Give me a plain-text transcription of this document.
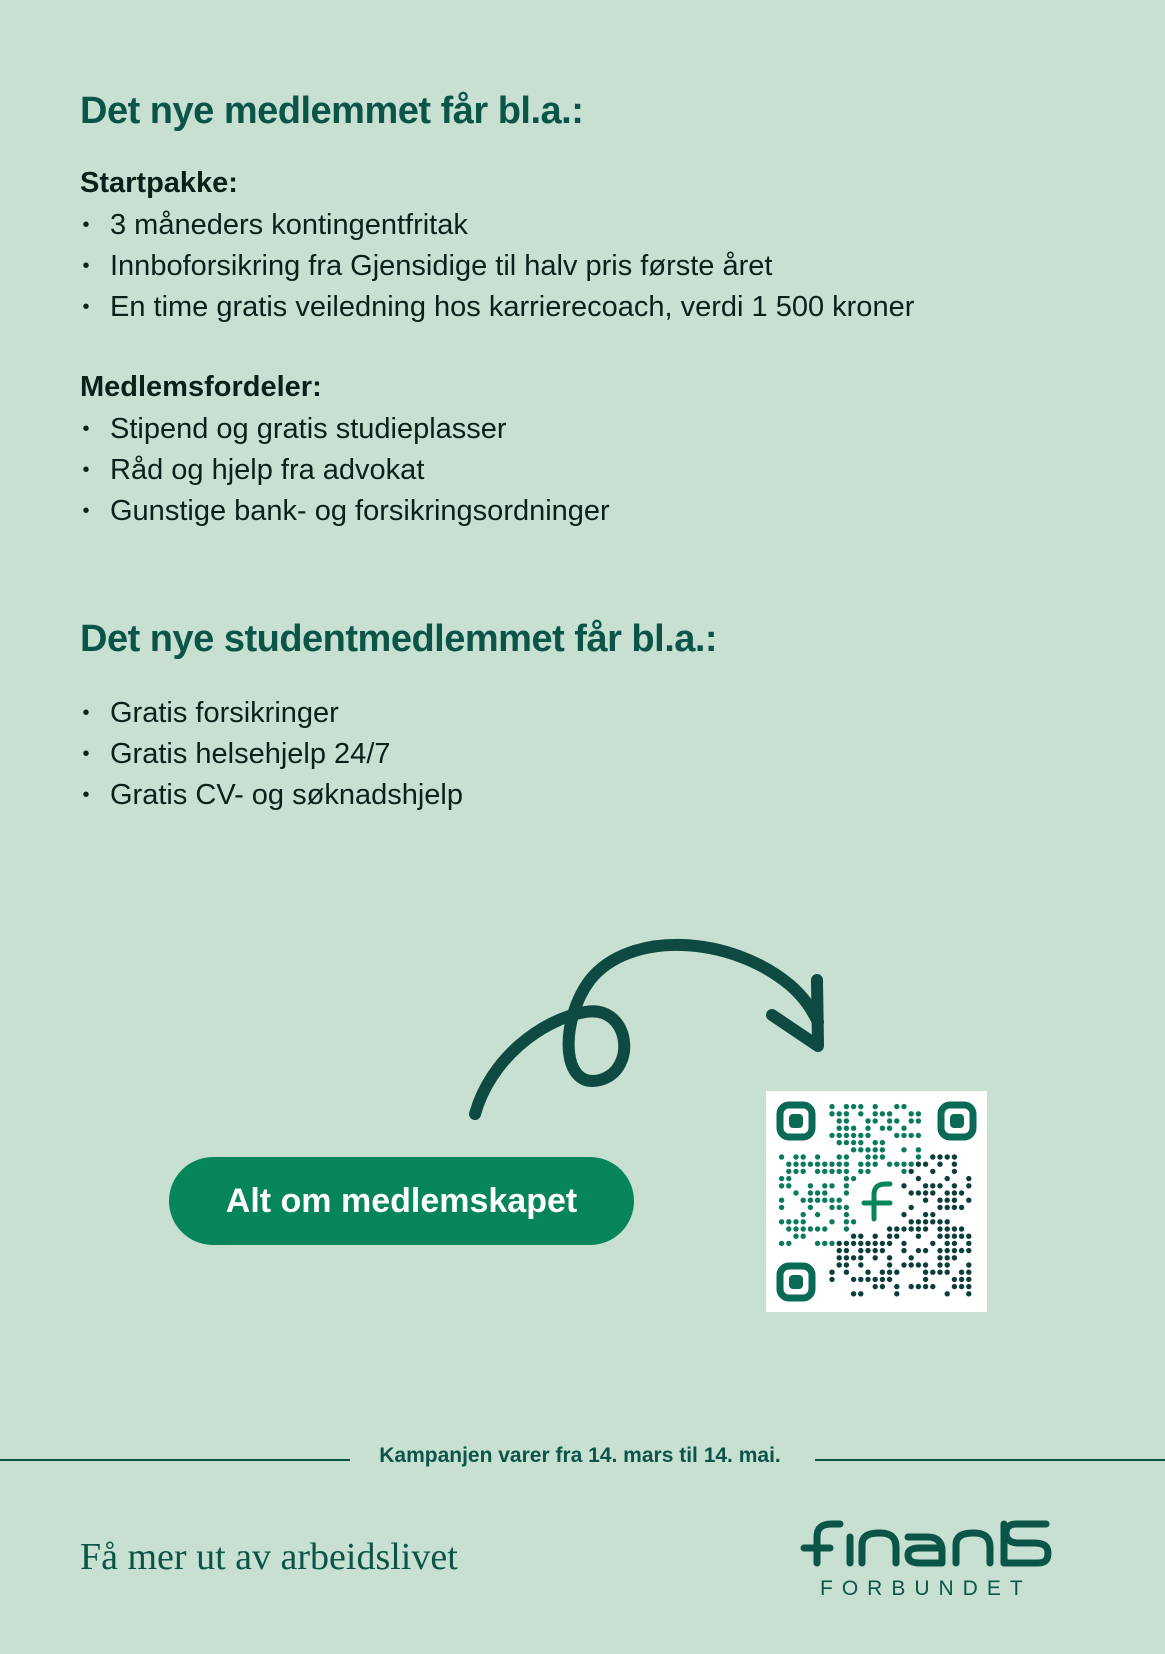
Det nye medlemmet får bl.a.:
Startpakke:
• 3 måneders kontingentfritak
• Innboforsikring fra Gjensidige til halv pris første året
• En time gratis veiledning hos karrierecoach, verdi 1 500 kroner
Medlemsfordeler:
• Stipend og gratis studieplasser
• Råd og hjelp fra advokat
• Gunstige bank- og forsikringsordninger
Det nye studentmedlemmet får bl.a.:
• Gratis forsikringer
• Gratis helsehjelp 24/7
• Gratis CV- og søknadshjelp
Alt om medlemskapet
Kampanjen varer fra 14. mars til 14. mai.
Få mer ut av arbeidslivet
FORBUNDET
